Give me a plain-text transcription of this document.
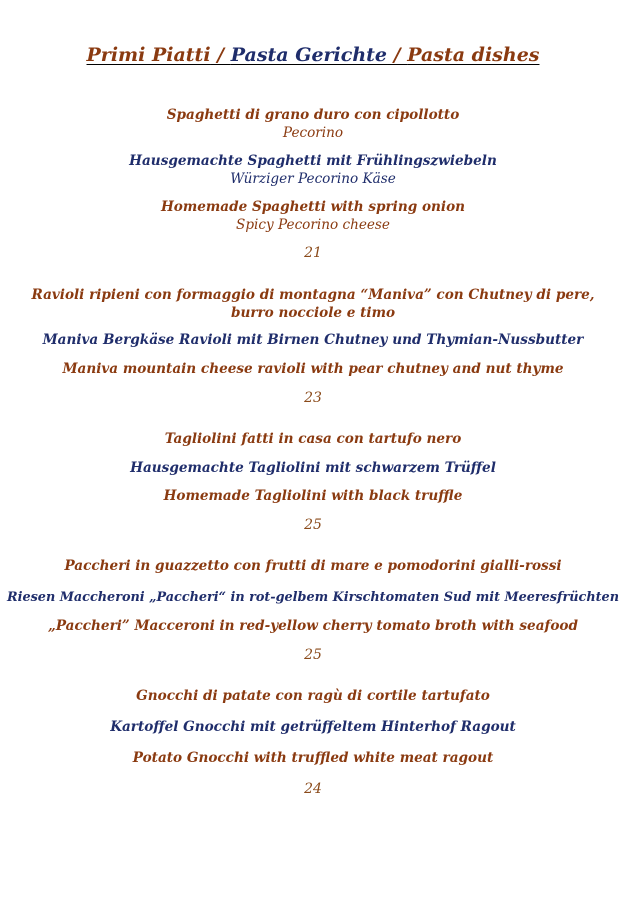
Primi Piatti / Pasta Gerichte / Pasta dishes
Spaghetti di grano duro con cipollotto
Pecorino
Hausgemachte Spaghetti mit Frühlingszwiebeln
Würziger Pecorino Käse
Homemade Spaghetti with spring onion
Spicy Pecorino cheese
21
Ravioli ripieni con formaggio di montagna “Maniva” con Chutney di pere,
burro nocciole e timo
Maniva Bergkäse Ravioli mit Birnen Chutney und Thymian-Nussbutter
Maniva mountain cheese ravioli with pear chutney and nut thyme
23
Tagliolini fatti in casa con tartufo nero
Hausgemachte Tagliolini mit schwarzem Trüffel
Homemade Tagliolini with black truffle
25
Paccheri in guazzetto con frutti di mare e pomodorini gialli-rossi
Riesen Maccheroni „Paccheri“ in rot-gelbem Kirschtomaten Sud mit Meeresfrüchten
„Paccheri” Macceroni in red-yellow cherry tomato broth with seafood
25
Gnocchi di patate con ragù di cortile tartufato
Kartoffel Gnocchi mit getrüffeltem Hinterhof Ragout
Potato Gnocchi with truffled white meat ragout
24
